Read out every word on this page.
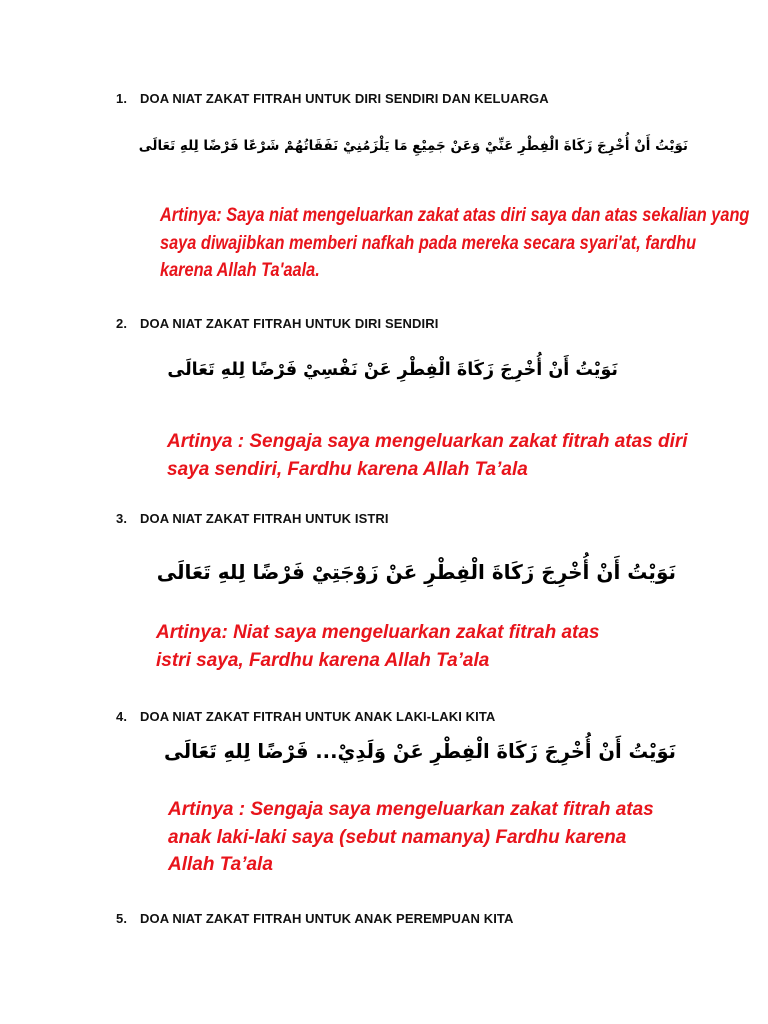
1. DOA NIAT ZAKAT FITRAH UNTUK DIRI SENDIRI DAN KELUARGA
نَوَيْتُ أَنْ أُخْرِجَ زَكَاةَ الْفِطْرِ عَنِّيْ وَعَنْ جَمِيْعِ مَا يَلْزَمُنِيْ نَفَقَاتُهُمْ شَرْعًا فَرْضًا لِلهِ تَعَالَى
Artinya: Saya niat mengeluarkan zakat atas diri saya dan atas sekalian yang
saya diwajibkan memberi nafkah pada mereka secara syari'at, fardhu
karena Allah Ta'aala.
2. DOA NIAT ZAKAT FITRAH UNTUK DIRI SENDIRI
نَوَيْتُ أَنْ أُخْرِجَ زَكَاةَ الْفِطْرِ عَنْ نَفْسِيْ فَرْضًا لِلهِ تَعَالَى
Artinya : Sengaja saya mengeluarkan zakat fitrah atas diri
saya sendiri, Fardhu karena Allah Ta’ala
3. DOA NIAT ZAKAT FITRAH UNTUK ISTRI
نَوَيْتُ أَنْ أُخْرِجَ زَكَاةَ الْفِطْرِ عَنْ زَوْجَتِيْ فَرْضًا لِلهِ تَعَالَى
Artinya: Niat saya mengeluarkan zakat fitrah atas
istri saya, Fardhu karena Allah Ta’ala
4. DOA NIAT ZAKAT FITRAH UNTUK ANAK LAKI-LAKI KITA
نَوَيْتُ أَنْ أُخْرِجَ زَكَاةَ الْفِطْرِ عَنْ وَلَدِيْ... فَرْضًا لِلهِ تَعَالَى
Artinya : Sengaja saya mengeluarkan zakat fitrah atas
anak laki-laki saya (sebut namanya) Fardhu karena
Allah Ta’ala
5. DOA NIAT ZAKAT FITRAH UNTUK ANAK PEREMPUAN KITA
